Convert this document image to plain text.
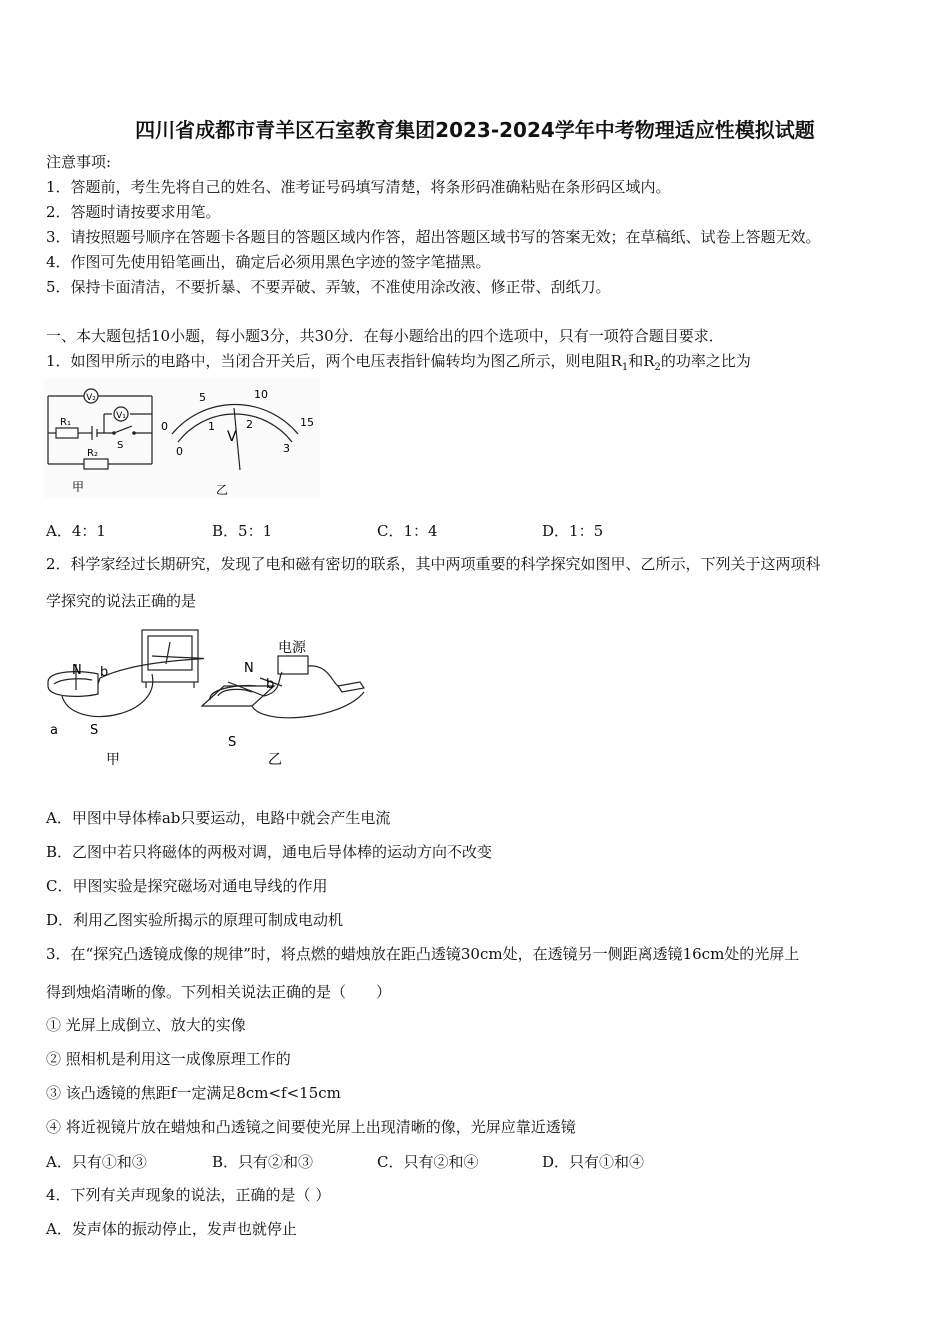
四川省成都市青羊区石室教育集团2023-2024学年中考物理适应性模拟试题
注意事项:
1．答题前，考生先将自己的姓名、准考证号码填写清楚，将条形码准确粘贴在条形码区域内。
2．答题时请按要求用笔。
3．请按照题号顺序在答题卡各题目的答题区域内作答，超出答题区域书写的答案无效；在草稿纸、试卷上答题无效。
4．作图可先使用铅笔画出，确定后必须用黑色字迹的签字笔描黑。
5．保持卡面清洁，不要折暴、不要弄破、弄皱，不准使用涂改液、修正带、刮纸刀。
一、本大题包括10小题，每小题3分，共30分．在每小题给出的四个选项中，只有一项符合题目要求．
1．如图甲所示的电路中，当闭合开关后，两个电压表指针偏转均为图乙所示，则电阻$R_1$和$R_2$的功率之比为
V₂
V₁
R₁
R₂
S
甲
0
5	10
15
0
1	2
3
V
乙
A．4：1	B．5：1	C．1：4	D．1：5
2．科学家经过长期研究，发现了电和磁有密切的联系，其中两项重要的科学探究如图甲、乙所示，下列关于这两项科
学探究的说法正确的是
N b
a S
甲
N
b
S
电源
乙
A．甲图中导体棒ab只要运动，电路中就会产生电流
B．乙图中若只将磁体的两极对调，通电后导体棒的运动方向不改变
C．甲图实验是探究磁场对通电导线的作用
D．利用乙图实验所揭示的原理可制成电动机
3．在“探究凸透镜成像的规律”时，将点燃的蜡烛放在距凸透镜30cm处，在透镜另一侧距离透镜16cm处的光屏上
得到烛焰清晰的像。下列相关说法正确的是（　　）
① 光屏上成倒立、放大的实像
② 照相机是利用这一成像原理工作的
③ 该凸透镜的焦距f一定满足8cm<f<15cm
④ 将近视镜片放在蜡烛和凸透镜之间要使光屏上出现清晰的像，光屏应靠近透镜
A．只有①和③	B．只有②和③	C．只有②和④	D．只有①和④
4．下列有关声现象的说法，正确的是（ ）
A．发声体的振动停止，发声也就停止
